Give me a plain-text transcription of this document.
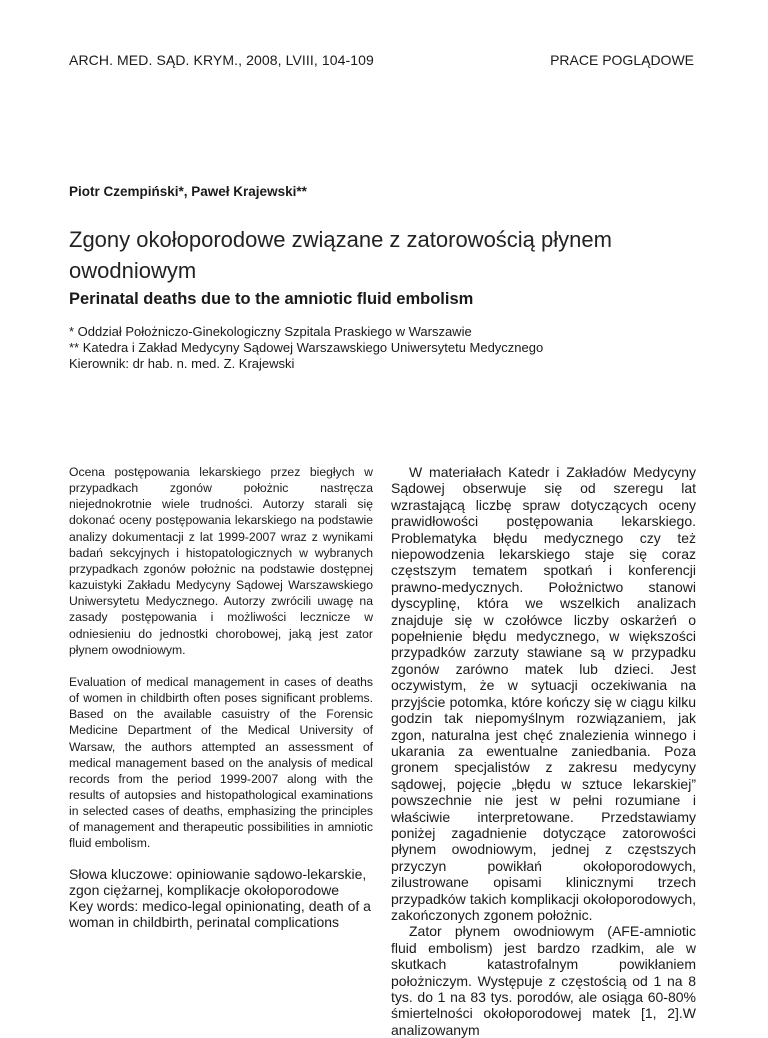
ARCH. MED. SĄD. KRYM., 2008, LVIII, 104-109	PRACE POGLĄDOWE
Piotr Czempiński*, Paweł Krajewski**
Zgony okołoporodowe związane z zatorowością płynem owodniowym
Perinatal deaths due to the amniotic fluid embolism
* Oddział Położniczo-Ginekologiczny Szpitala Praskiego w Warszawie
** Katedra i Zakład Medycyny Sądowej Warszawskiego Uniwersytetu Medycznego
Kierownik: dr hab. n. med. Z. Krajewski

Ocena postępowania lekarskiego przez biegłych w przypadkach zgonów położnic nastręcza niejednokrotnie wiele trudności. Autorzy starali się dokonać oceny postępowania lekarskiego na podstawie analizy dokumentacji z lat 1999-2007 wraz z wynikami badań sekcyjnych i histopatologicznych w wybranych przypadkach zgonów położnic na podstawie dostępnej kazuistyki Zakładu Medycyny Sądowej Warszawskiego Uniwersytetu Medycznego. Autorzy zwrócili uwagę na zasady postępowania i możliwości lecznicze w odniesieniu do jednostki chorobowej, jaką jest zator płynem owodniowym.

Evaluation of medical management in cases of deaths of women in childbirth often poses significant problems. Based on the available casuistry of the Forensic Medicine Department of the Medical University of Warsaw, the authors attempted an assessment of medical management based on the analysis of medical records from the period 1999-2007 along with the results of autopsies and histopathological examinations in selected cases of deaths, emphasizing the principles of management and therapeutic possibilities in amniotic fluid embolism.

Słowa kluczowe: opiniowanie sądowo-lekarskie, zgon ciężarnej, komplikacje okołoporodowe

Key words: medico-legal opinionating, death of a woman in childbirth, perinatal complications

W materiałach Katedr i Zakładów Medycyny Sądowej obserwuje się od szeregu lat wzrastającą liczbę spraw dotyczących oceny prawidłowości postępowania lekarskiego. Problematyka błędu medycznego czy też niepowodzenia lekarskiego staje się coraz częstszym tematem spotkań i konferencji prawno-medycznych. Położnictwo stanowi dyscyplinę, która we wszelkich analizach znajduje się w czołówce liczby oskarżeń o popełnienie błędu medycznego, w większości przypadków zarzuty stawiane są w przypadku zgonów zarówno matek lub dzieci. Jest oczywistym, że w sytuacji oczekiwania na przyjście potomka, które kończy się w ciągu kilku godzin tak niepomyślnym rozwiązaniem, jak zgon, naturalna jest chęć znalezienia winnego i ukarania za ewentualne zaniedbania. Poza gronem specjalistów z zakresu medycyny sądowej, pojęcie „błędu w sztuce lekarskiej” powszechnie nie jest w pełni rozumiane i właściwie interpretowane. Przedstawiamy poniżej zagadnienie dotyczące zatorowości płynem owodniowym, jednej z częstszych przyczyn powikłań okołoporodowych, zilustrowane opisami klinicznymi trzech przypadków takich komplikacji okołoporodowych, zakończonych zgonem położnic.

Zator płynem owodniowym (AFE-amniotic fluid embolism) jest bardzo rzadkim, ale w skutkach katastrofalnym powikłaniem położniczym. Występuje z częstością od 1 na 8 tys. do 1 na 83 tys. porodów, ale osiąga 60-80% śmiertelności okołoporodowej matek [1, 2].W analizowanym
